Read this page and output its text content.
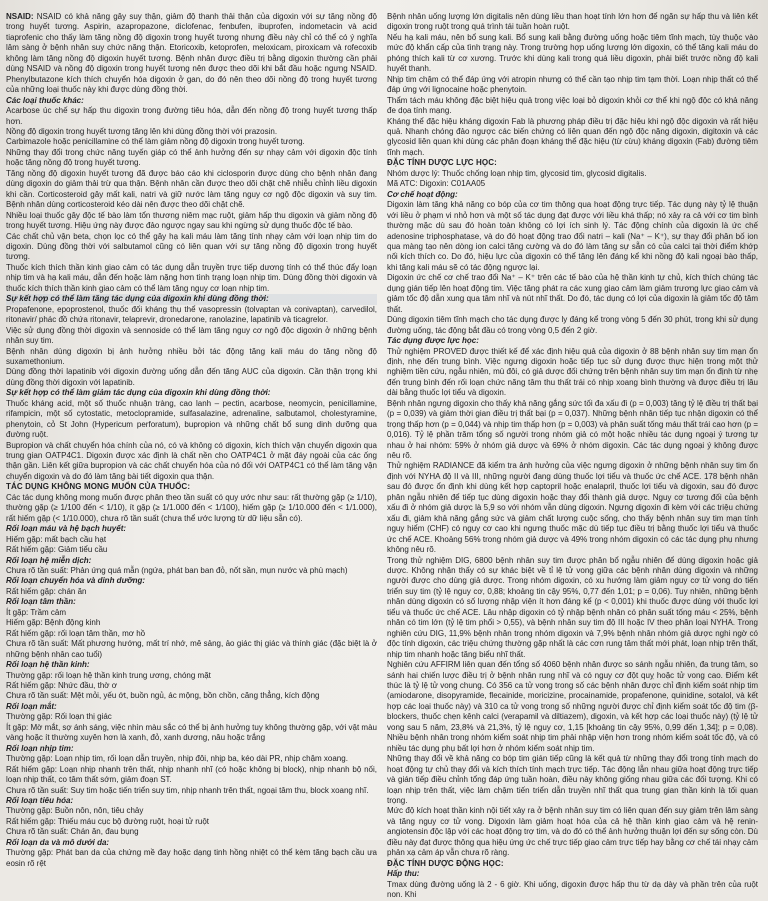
NSAID: NSAID có khả năng gây suy thận, giảm độ thanh thải thận của digoxin với sự tăng nồng độ trong huyết tương. Aspirin, azapropazone, diclofenac, fenbufen, ibuprofen, indometacin và acid tiaprofenic cho thấy làm tăng nồng độ digoxin trong huyết tương nhưng điều này chỉ có thể có ý nghĩa lâm sàng ở bệnh nhân suy chức năng thận. Etoricoxib, ketoprofen, meloxicam, piroxicam và rofecoxib không làm tăng nồng độ digoxin huyết tương. Bệnh nhân được điều trị bằng digoxin thường cần phải dùng NSAID và nồng độ digoxin trong huyết tương nên được theo dõi khi bắt đầu hoặc ngưng NSAID. Phenylbutazone kích thích chuyển hóa digoxin ở gan, do đó nên theo dõi nồng độ trong huyết tương của những loại thuốc này khi được dùng đồng thời.

Các loại thuốc khác:

Acarbose úc chế sự hấp thu digoxin trong đường tiêu hóa, dẫn đến nồng độ trong huyết tương thấp hơn.

Nồng độ digoxin trong huyết tương tăng lên khi dùng đồng thời với prazosin.

Carbimazole hoặc penicillamine có thể làm giảm nồng độ digoxin trong huyết tương.

Những thay đổi trong chức năng tuyến giáp có thể ảnh hưởng đến sự nhạy cảm với digoxin độc tính hoặc tăng nồng độ trong huyết tương.

Tăng nồng độ digoxin huyết tương đã được báo cáo khi ciclosporin được dùng cho bệnh nhân đang dùng digoxin do giảm thải trừ qua thận. Bệnh nhân cần được theo dõi chặt chẽ nhiễu chỉnh liều digoxin khi cần. Corticosteroid gây mất kali, natri và giữ nước làm tăng nguy cơ ngộ độc digoxin và suy tim. Bệnh nhân dùng corticosteroid kéo dài nên được theo dõi chặt chẽ.

Nhiều loại thuốc gây độc tế bào làm tổn thương niêm mạc ruột, giảm hấp thu digoxin và giảm nồng độ trong huyết tương. Hiệu ứng này được đảo ngược ngay sau khi ngừng sử dụng thuốc độc tế bào.

Các chất chủ vận beta, chọn lọc có thể gây hạ kali máu làm tăng tính nhạy cảm với loạn nhịp tim do digoxin. Dùng đồng thời với salbutamol cũng có liên quan với sự tăng nồng độ digoxin trong huyết tương.

Thuốc kích thích thần kinh giao cảm có tác dụng dẫn truyền trực tiếp dương tính có thể thúc đẩy loạn nhịp tim và hạ kali máu, dẫn đến hoặc làm nặng hơn tình trạng loạn nhịp tim. Dùng đồng thời digoxin và thuốc kích thích thần kinh giao cảm có thể làm tăng nguy cơ loạn nhịp tim.

Sự kết hợp có thể làm tăng tác dụng của digoxin khi dùng đồng thời:

Propafenone, epoprostenol, thuốc đối kháng thụ thể vasopressin (tolvaptan và conivaptan), carvedilol, ritonavir/ phác đồ chứa ritonavir, telaprevir, dronedarone, ranolazine, lapatinib và ticagrelor.

Việc sử dụng đồng thời digoxin và sennoside có thể làm tăng nguy cơ ngộ độc digoxin ở những bệnh nhân suy tim.

Bệnh nhân dùng digoxin bị ảnh hưởng nhiều bởi tác động tăng kali máu do tăng nồng độ suxamethonium.

Dùng đồng thời lapatinib với digoxin đường uống dẫn đến tăng AUC của digoxin. Cần thận trọng khi dùng đồng thời digoxin với lapatinib.

Sự kết hợp có thể làm giảm tác dụng của digoxin khi dùng đồng thời:

Thuốc kháng acid, một số thuốc nhuận tràng, cao lanh – pectin, acarbose, neomycin, penicillamine, rifampicin, một số cytostatic, metoclopramide, sulfasalazine, adrenaline, salbutamol, cholestyramine, phenytoin, cỏ St John (Hypericum perforatum), bupropion và những chất bổ sung dinh dưỡng qua đường ruột.

Bupropion và chất chuyển hóa chính của nó, có và không có digoxin, kích thích vận chuyển digoxin qua trung gian OATP4C1. Digoxin được xác định là chất nền cho OATP4C1 ở mặt đáy ngoài của các ống thận gần. Liên kết giữa bupropion và các chất chuyển hóa của nó đối với OATP4C1 có thể làm tăng vận chuyển digoxin và do đó làm tăng bài tiết digoxin qua thận.

TÁC DỤNG KHÔNG MONG MUỐN CỦA THUỐC:

Các tác dụng không mong muốn được phân theo tần suất có quy ước như sau: rất thường gặp (≥ 1/10), thường gặp (≥ 1/100 đến < 1/10), ít gặp (≥ 1/1.000 đến < 1/100), hiếm gặp (≥ 1/10.000 đến < 1/1.000), rất hiếm gặp (< 1/10.000), chưa rõ tần suất (chưa thể ước lượng từ dữ liệu sẵn có).

Rối loạn máu và hệ bạch huyết:

Hiếm gặp: mất bạch cầu hạt

Rất hiếm gặp: Giảm tiểu cầu

Rối loạn hệ miễn dịch:

Chưa rõ tần suất: Phản ứng quá mẫn (ngứa, phát ban ban đỏ, nốt sần, mụn nước và phù mạch)

Rối loạn chuyển hóa và dinh dưỡng:

Rất hiếm gặp: chán ăn

Rối loạn tâm thần:

Ít gặp: Trầm cảm

Hiếm gặp: Bệnh động kinh

Rất hiếm gặp: rối loạn tâm thần, mơ hồ

Chưa rõ tần suất: Mất phương hướng, mất trí nhớ, mê sảng, ảo giác thị giác và thính giác (đặc biệt là ở những bệnh nhân cao tuổi)

Rối loạn hệ thần kinh:

Thường gặp: rối loạn hệ thần kinh trung ương, chóng mặt

Rất hiếm gặp: Nhức đầu, thờ ơ

Chưa rõ tần suất: Mệt mỏi, yếu ớt, buồn ngủ, ác mộng, bồn chồn, căng thẳng, kích động

Rối loạn mắt:

Thường gặp: Rối loạn thị giác

Ít gặp: Mờ mắt, sợ ánh sáng, việc nhìn màu sắc có thể bị ảnh hưởng tuy không thường gặp, với vật màu vàng hoặc ít thường xuyên hơn là xanh, đỏ, xanh dương, nâu hoặc trắng

Rối loạn nhịp tim:

Thường gặp: Loạn nhịp tim, rối loạn dẫn truyền, nhịp đôi, nhịp ba, kéo dài PR, nhịp chậm xoang.

Rất hiếm gặp: Loạn nhịp nhanh trên thất, nhịp nhanh nhĩ (có hoặc không bị block), nhịp nhanh bộ nối, loạn nhịp thất, co tâm thất sớm, giảm đoạn ST.

Chưa rõ tần suất: Suy tim hoặc tiến triển suy tim, nhịp nhanh trên thất, ngoại tâm thu, block xoang nhĩ.

Rối loạn tiêu hóa:

Thường gặp: Buồn nôn, nôn, tiêu chảy

Rất hiếm gặp: Thiếu máu cục bộ đường ruột, hoại tử ruột

Chưa rõ tần suất: Chán ăn, đau bụng

Rối loạn da và mô dưới da:

Thường gặp: Phát ban da của chứng mề đay hoặc dạng tinh hồng nhiệt có thể kèm tăng bạch cầu ưa eosin rõ rệt

Bệnh nhân uống lượng lớn digitalis nên dùng liều than hoạt tính lớn hơn để ngăn sự hấp thu và liên kết digoxin trong ruột trong quá trình tái tuần hoàn ruột.

Nếu hạ kali máu, nên bổ sung kali. Bổ sung kali bằng đường uống hoặc tiêm tĩnh mạch, tùy thuộc vào mức độ khẩn cấp của tình trạng này. Trong trường hợp uống lượng lớn digoxin, có thể tăng kali máu do phóng thích kali từ cơ xương. Trước khi dùng kali trong quá liều digoxin, phải biết trước nồng độ kali huyết thanh.

Nhịp tim chậm có thể đáp ứng với atropin nhưng có thể cần tạo nhịp tim tạm thời. Loạn nhịp thất có thể đáp ứng với lignocaine hoặc phenytoin.

Thẩm tách máu không đặc biệt hiệu quả trong việc loại bỏ digoxin khỏi cơ thể khi ngộ độc có khả năng đe dọa tính mạng.

Kháng thể đặc hiệu kháng digoxin Fab là phương pháp điều trị đặc hiệu khi ngộ độc digoxin và rất hiệu quả. Nhanh chóng đảo ngược các biến chứng có liên quan đến ngộ độc nặng digoxin, digitoxin và các glycosid liên quan khi dùng các phân đoạn kháng thể đặc hiệu (từ cừu) kháng digoxin (Fab) đường tiêm tĩnh mạch.

ĐẶC TÍNH DƯỢC LỰC HỌC:

Nhóm dược lý: Thuốc chống loạn nhịp tim, glycosid tim, glycosid digitalis.

Mã ATC: Digoxin: C01AA05

Cơ chế hoạt động:

Digoxin làm tăng khả năng co bóp của cơ tim thông qua hoạt động trực tiếp. Tác dụng này tỷ lệ thuận với liều ở phạm vi nhỏ hơn và một số tác dụng đạt được với liều khá thấp; nó xảy ra cả với cơ tim bình thường mặc dù sau đó hoàn toàn không có lợi ích sinh lý. Tác động chính của digoxin là ức chế adenosine triphosphatase, và do đó hoạt động trao đổi natri – kali (Na⁺ – K⁺), sự thay đổi phân bố ion qua màng tạo nên dòng ion calci tăng cường và do đó làm tăng sự sẵn có của calci tại thời điểm khớp nối kích thích co. Do đó, hiệu lực của digoxin có thể tăng lên đáng kể khi nồng độ kali ngoại bào thấp, khi tăng kali máu sẽ có tác động ngược lại.

Digoxin ức chế cơ chế trao đổi Na⁺ – K⁺ trên các tế bào của hệ thần kinh tự chủ, kích thích chúng tác dụng gián tiếp lên hoạt động tim. Việc tăng phát ra các xung giao cảm làm giảm trương lực giao cảm và giảm tốc độ dẫn xung qua tâm nhĩ và nút nhĩ thất. Do đó, tác dụng có lợi của digoxin là giảm tốc độ tâm thất.

Dùng digoxin tiêm tĩnh mạch cho tác dụng được ly đáng kể trong vòng 5 đến 30 phút, trong khi sử dụng đường uống, tác động bắt đầu có trong vòng 0,5 đến 2 giờ.

Tác dụng được lực học:

Thử nghiệm PROVED được thiết kế để xác định hiệu quả của digoxin ở 88 bệnh nhân suy tim mạn ổn định, nhẹ đến trung bình. Việc ngưng digoxin hoặc tiếp tục sử dụng được thực hiện trong một thử nghiệm tiền cứu, ngẫu nhiên, mù đôi, có giả dược đối chứng trên bệnh nhân suy tim mạn ổn định từ nhẹ đến trung bình đến rối loạn chức năng tâm thu thất trái có nhịp xoang bình thường và được điều trị lâu dài bằng thuốc lợi tiểu và digoxin.

Bệnh nhân ngưng digoxin cho thấy khả năng gắng sức tối đa xấu đi (p = 0,003) tăng tỷ lệ điều trị thất bại (p = 0,039) và giảm thời gian điều trị thất bại (p = 0,037). Những bệnh nhân tiếp tục nhận digoxin có thể trọng thấp hơn (p = 0,044) và nhịp tim thấp hơn (p = 0,003) và phân suất tống máu thất trái cao hơn (p = 0,016). Tỷ lệ phần trăm tổng số người trong nhóm giả có một hoặc nhiều tác dụng ngoại ý tương tự nhau ở hai nhóm: 59% ở nhóm giả dược và 69% ở nhóm digoxin. Các tác dụng ngoại ý không được nêu rõ.

Thử nghiệm RADIANCE đã kiểm tra ảnh hưởng của việc ngưng digoxin ở những bệnh nhân suy tim ổn định với NYHA độ II và III, những người đang dùng thuốc lợi tiểu và thuốc ức chế ACE. 178 bệnh nhân sau đó được ổn định khi dùng kết hợp captopril hoặc enalapril, thuốc lợi tiểu và digoxin, sau đó được phân ngẫu nhiên để tiếp tục dùng digoxin hoặc thay đổi thành giả dược. Nguy cơ tương đối của bệnh xấu đi ở nhóm giả dược là 5,9 so với nhóm vẫn dùng digoxin. Ngưng digoxin đi kèm với các triệu chứng xấu đi, giảm khả năng gắng sức và giảm chất lượng cuộc sống, cho thấy bệnh nhân suy tim mạn tính nguy hiểm (CHF) có nguy cơ cao khi ngưng thuốc mặc dù tiếp tục điều trị bằng thuốc lợi tiểu và thuốc ức chế ACE. Khoảng 56% trong nhóm giả dược và 49% trong nhóm digoxin có các tác dụng phụ nhưng không nêu rõ.

Trong thử nghiệm DIG, 6800 bệnh nhân suy tim được phân bổ ngẫu nhiên để dùng digoxin hoặc giả dược. Không nhận thấy có sự khác biệt về tỉ lệ tử vong giữa các bệnh nhân dùng digoxin và những người được cho dùng giả dược. Trong nhóm digoxin, có xu hướng làm giảm nguy cơ tử vong do tiến triển suy tim (tỷ lệ nguy cơ, 0,88; khoảng tin cậy 95%, 0,77 đến 1,01; p = 0,06). Tuy nhiên, những bệnh nhân dùng digoxin có số lượng nhập viện ít hơn đáng kể (p < 0,001) khi thuốc được dùng với thuốc lợi tiểu và thuốc ức chế ACE. Lâu nhập digoxin có tỷ nhập bệnh nhân có phân suất tống máu < 25%, bệnh nhân có tim lớn (tỷ lệ tim phổi > 0,55), và bệnh nhân suy tim độ III hoặc IV theo phân loại NYHA. Trong nghiên cứu DIG, 11,9% bệnh nhân trong nhóm digoxin và 7,9% bệnh nhân nhóm giả dược nghi ngờ có độc tính digoxin, các triệu chứng thường gặp nhất là các cơn rung tâm thất mới phát, loạn nhịp trên thất, nhịp tim nhanh hoặc tăng biểu nhĩ thất.

Nghiên cứu AFFIRM liên quan đến tổng số 4060 bệnh nhân được so sánh ngẫu nhiên, đa trung tâm, so sánh hai chiến lược điều trị ở bệnh nhân rung nhĩ và có nguy cơ đột quỵ hoặc tử vong cao. Điểm kết thúc là tỷ lệ tử vong chung. Có 356 ca tử vong trong số các bệnh nhân được chỉ định kiểm soát nhịp tim (amiodarone, disopyramide, flecainide, moricizine, procainamide, propafenone, quinidine, sotalol, và kết hợp các loại thuốc này) và 310 ca tử vong trong số những người được chỉ định kiểm soát tốc độ tim (β-blockers, thuốc chẹn kênh calci (verapamil và diltiazem), digoxin, và kết hợp các loại thuốc này) (tỷ lệ tử vong sau 5 năm, 23,8% và 21,3%, tỷ lệ nguy cơ, 1,15 [khoảng tin cậy 95%, 0,99 đến 1,34]; p = 0,08). Nhiều bệnh nhân trong nhóm kiểm soát nhịp tim phải nhập viện hơn trong nhóm kiểm soát tốc độ, và có nhiều tác dụng phụ bất lợi hơn ở nhóm kiểm soát nhịp tim.

Những thay đổi về khả năng co bóp tim gián tiếp cũng là kết quả từ những thay đổi trong tính mạch do hoạt động tự chủ thay đổi và kích thích tính mạch trực tiếp. Tác động lẫn nhau giữa hoạt động trực tiếp và gián tiếp điều chỉnh tổng đáp ứng tuần hoàn, điều này không giống nhau giữa các đối tượng. Khi có loạn nhịp trên thất, việc làm chậm tiến triển dẫn truyền nhĩ thất qua trung gian thần kinh là tối quan trọng.

Mức độ kích hoạt thần kinh nội tiết xảy ra ở bệnh nhân suy tim có liên quan đến suy giảm trên lâm sàng và tăng nguy cơ tử vong. Digoxin làm giảm hoạt hóa của cả hệ thần kinh giao cảm và hệ renin-angiotensin độc lập với các hoạt động trợ tim, và do đó có thể ảnh hưởng thuận lợi đến sự sống còn. Dù điều này đạt được thông qua hiệu ứng ức chế trực tiếp giao cảm trực tiếp hay bằng cơ chế tái nhạy cảm phản xạ cảm áp vẫn chưa rõ ràng.

ĐẶC TÍNH DƯỢC ĐỘNG HỌC:

Hấp thu:

Tmax dùng đường uống là 2 - 6 giờ. Khi uống, digoxin được hấp thu từ dạ dày và phần trên của ruột non. Khi
